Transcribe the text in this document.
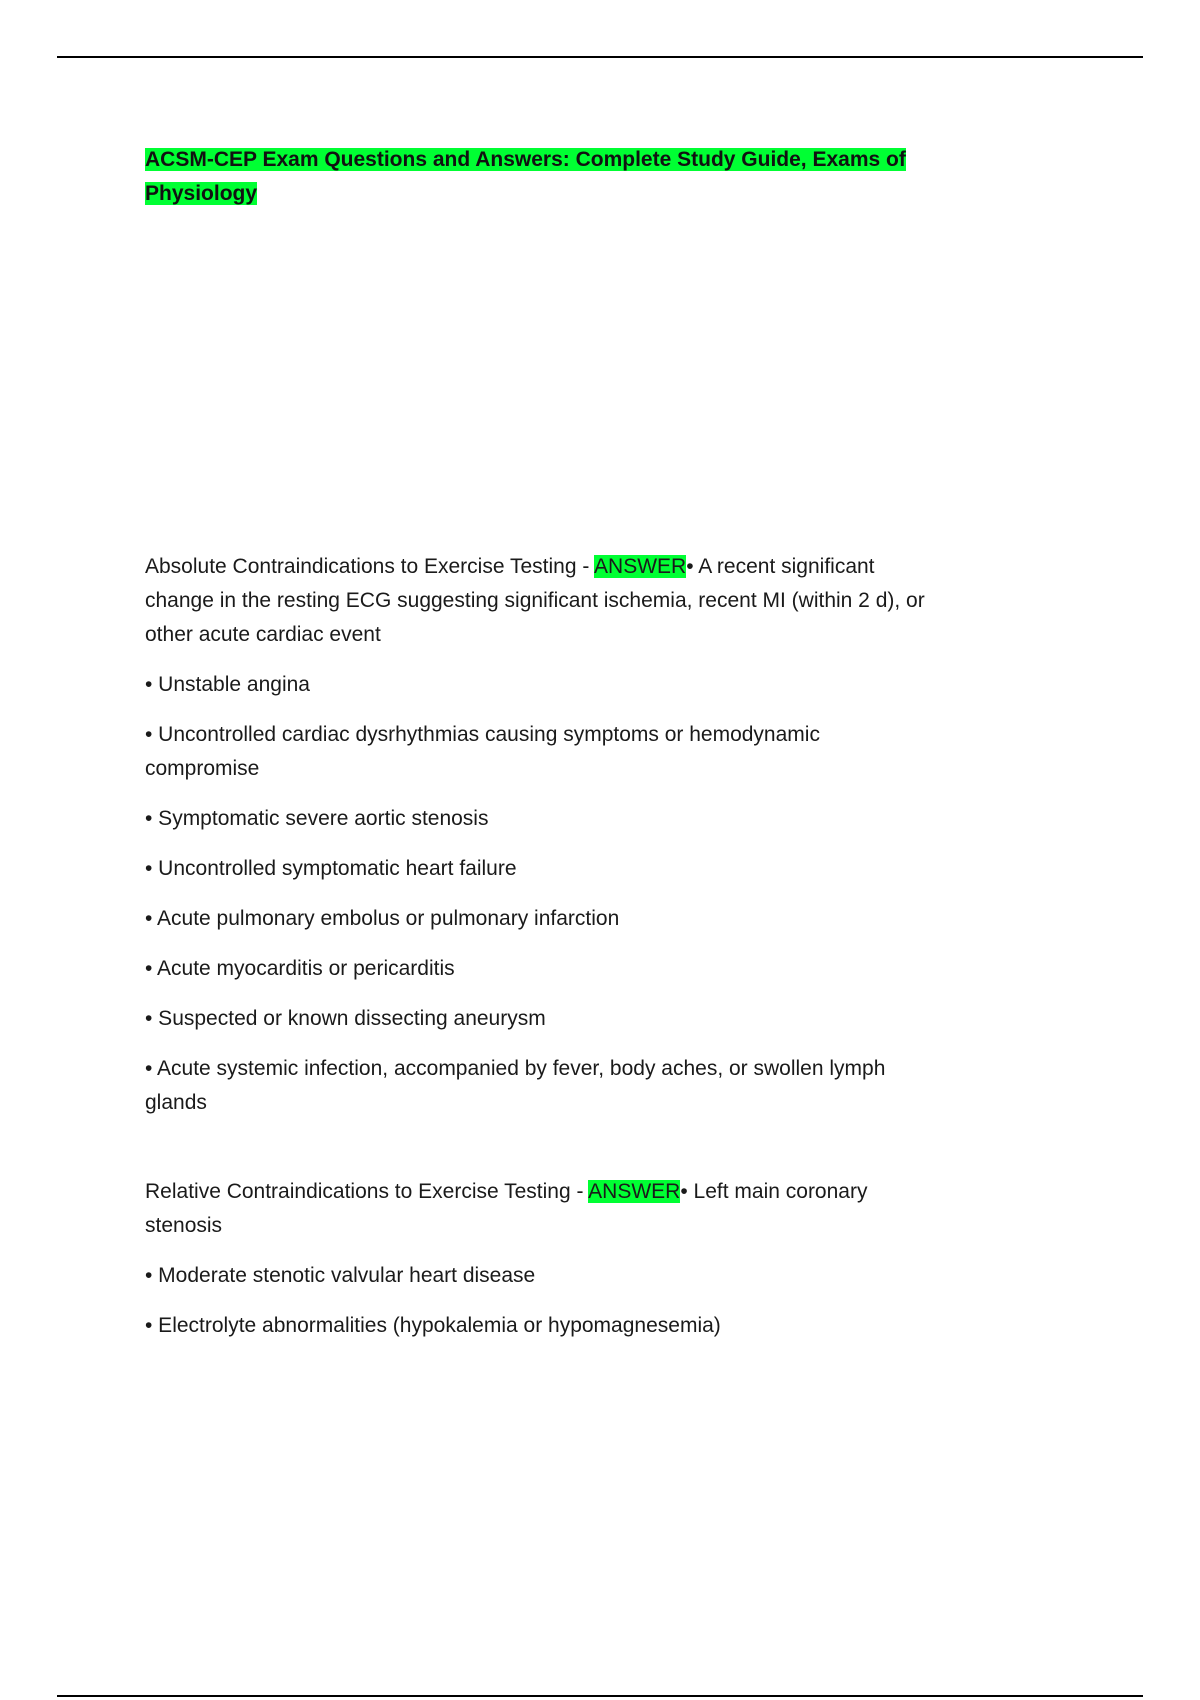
ACSM-CEP Exam Questions and Answers: Complete Study Guide, Exams of
Physiology

Absolute Contraindications to Exercise Testing - ANSWER• A recent significant change in the resting ECG suggesting significant ischemia, recent MI (within 2 d), or other acute cardiac event

• Unstable angina

• Uncontrolled cardiac dysrhythmias causing symptoms or hemodynamic compromise

• Symptomatic severe aortic stenosis

• Uncontrolled symptomatic heart failure

• Acute pulmonary embolus or pulmonary infarction

• Acute myocarditis or pericarditis

• Suspected or known dissecting aneurysm

• Acute systemic infection, accompanied by fever, body aches, or swollen lymph glands

Relative Contraindications to Exercise Testing - ANSWER• Left main coronary stenosis

• Moderate stenotic valvular heart disease

• Electrolyte abnormalities (hypokalemia or hypomagnesemia)
